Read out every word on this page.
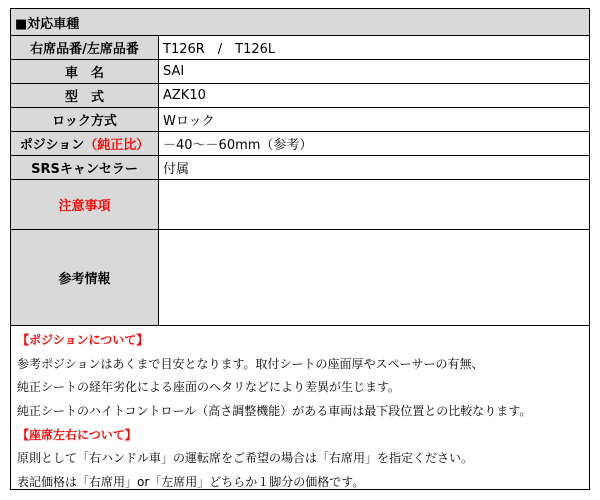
■対応車種
右席品番/左席品番	T126R　/　T126L
車　名	SAI
型　式	AZK10
ロック方式	Wロック
ポジション （純正比）	－40～－60mm（参考）
SRSキャンセラー	付属
注意事項
参考情報
【ポジションについて】
参考ポジションはあくまで目安となります。取付シートの座面厚やスペーサーの有無、
純正シートの経年劣化による座面のヘタリなどにより差異が生じます。
純正シートのハイトコントロール（高さ調整機能）がある車両は最下段位置との比較なります。
【座席左右について】
原則として「右ハンドル車」の運転席をご希望の場合は「右席用」を指定ください。
表記価格は「右席用」or「左席用」どちらか１脚分の価格です。
